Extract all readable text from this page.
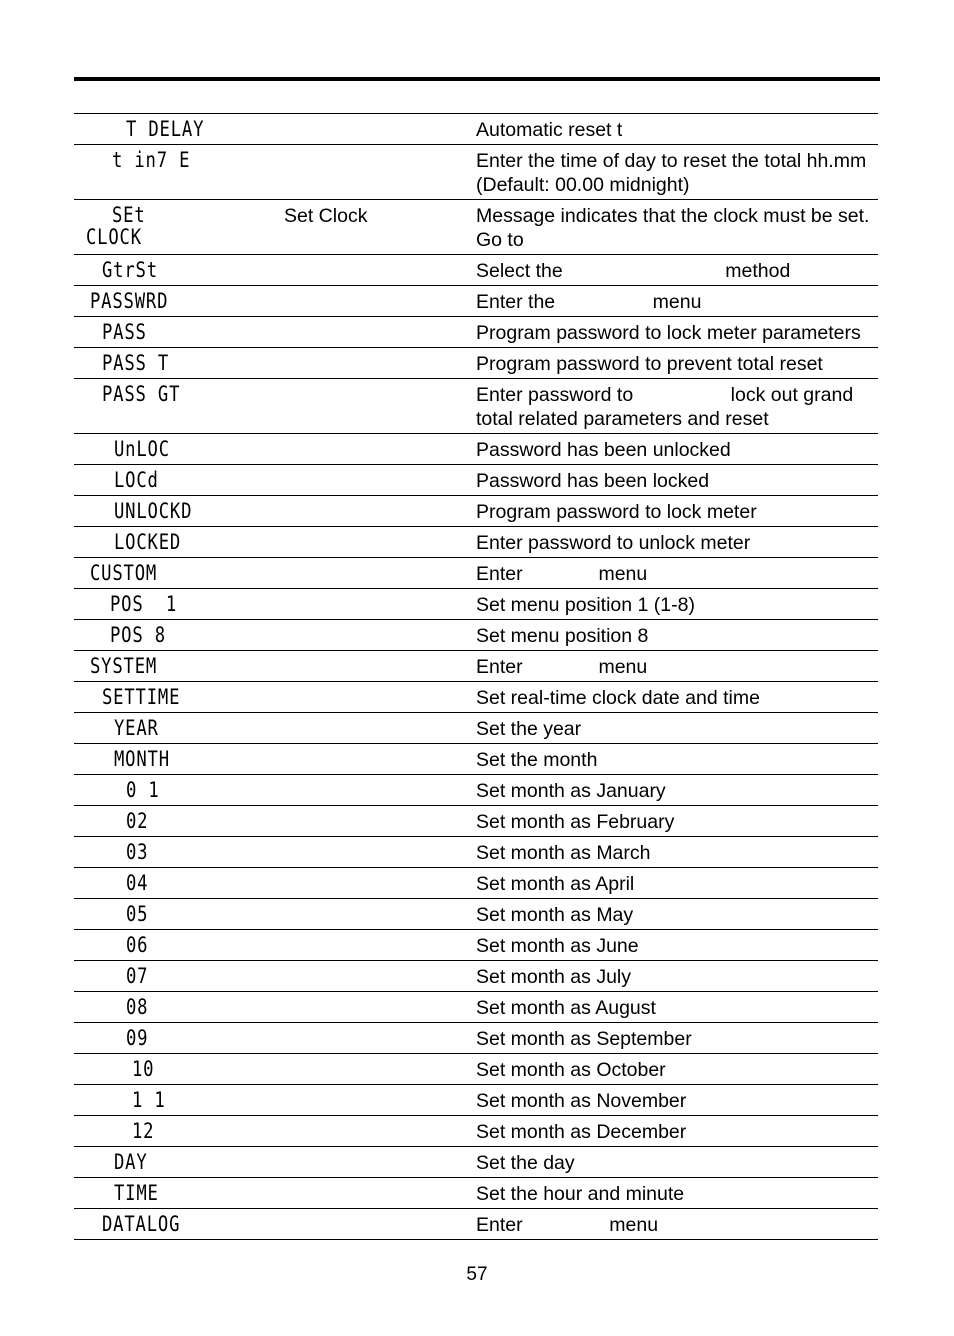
T DELAY		Automatic reset t

t in7 E		Enter the time of day to reset the total hh.mm (Default: 00.00 midnight)

SEt
CLOCK	Set Clock	Message indicates that the clock must be set. Go to

GtrSt		Select the                              method

PASSWRD		Enter the                  menu

PASS		Program password to lock meter parameters

PASS T		Program password to prevent total reset

PASS GT		Enter password to                  lock out grand total related parameters and reset

UnLOC		Password has been unlocked

LOCd		Password has been locked

UNLOCKD		Program password to lock meter

LOCKED		Enter password to unlock meter

CUSTOM		Enter              menu

POS  1		Set menu position 1 (1-8)

POS 8		Set menu position 8

SYSTEM		Enter              menu

SETTIME		Set real-time clock date and time

YEAR		Set the year

MONTH		Set the month

0 1		Set month as January

02		Set month as February

03		Set month as March

04		Set month as April

05		Set month as May

06		Set month as June

07		Set month as July

08		Set month as August

09		Set month as September

10		Set month as October

1 1		Set month as November

12		Set month as December

DAY		Set the day

TIME		Set the hour and minute

DATALOG		Enter                menu
57
